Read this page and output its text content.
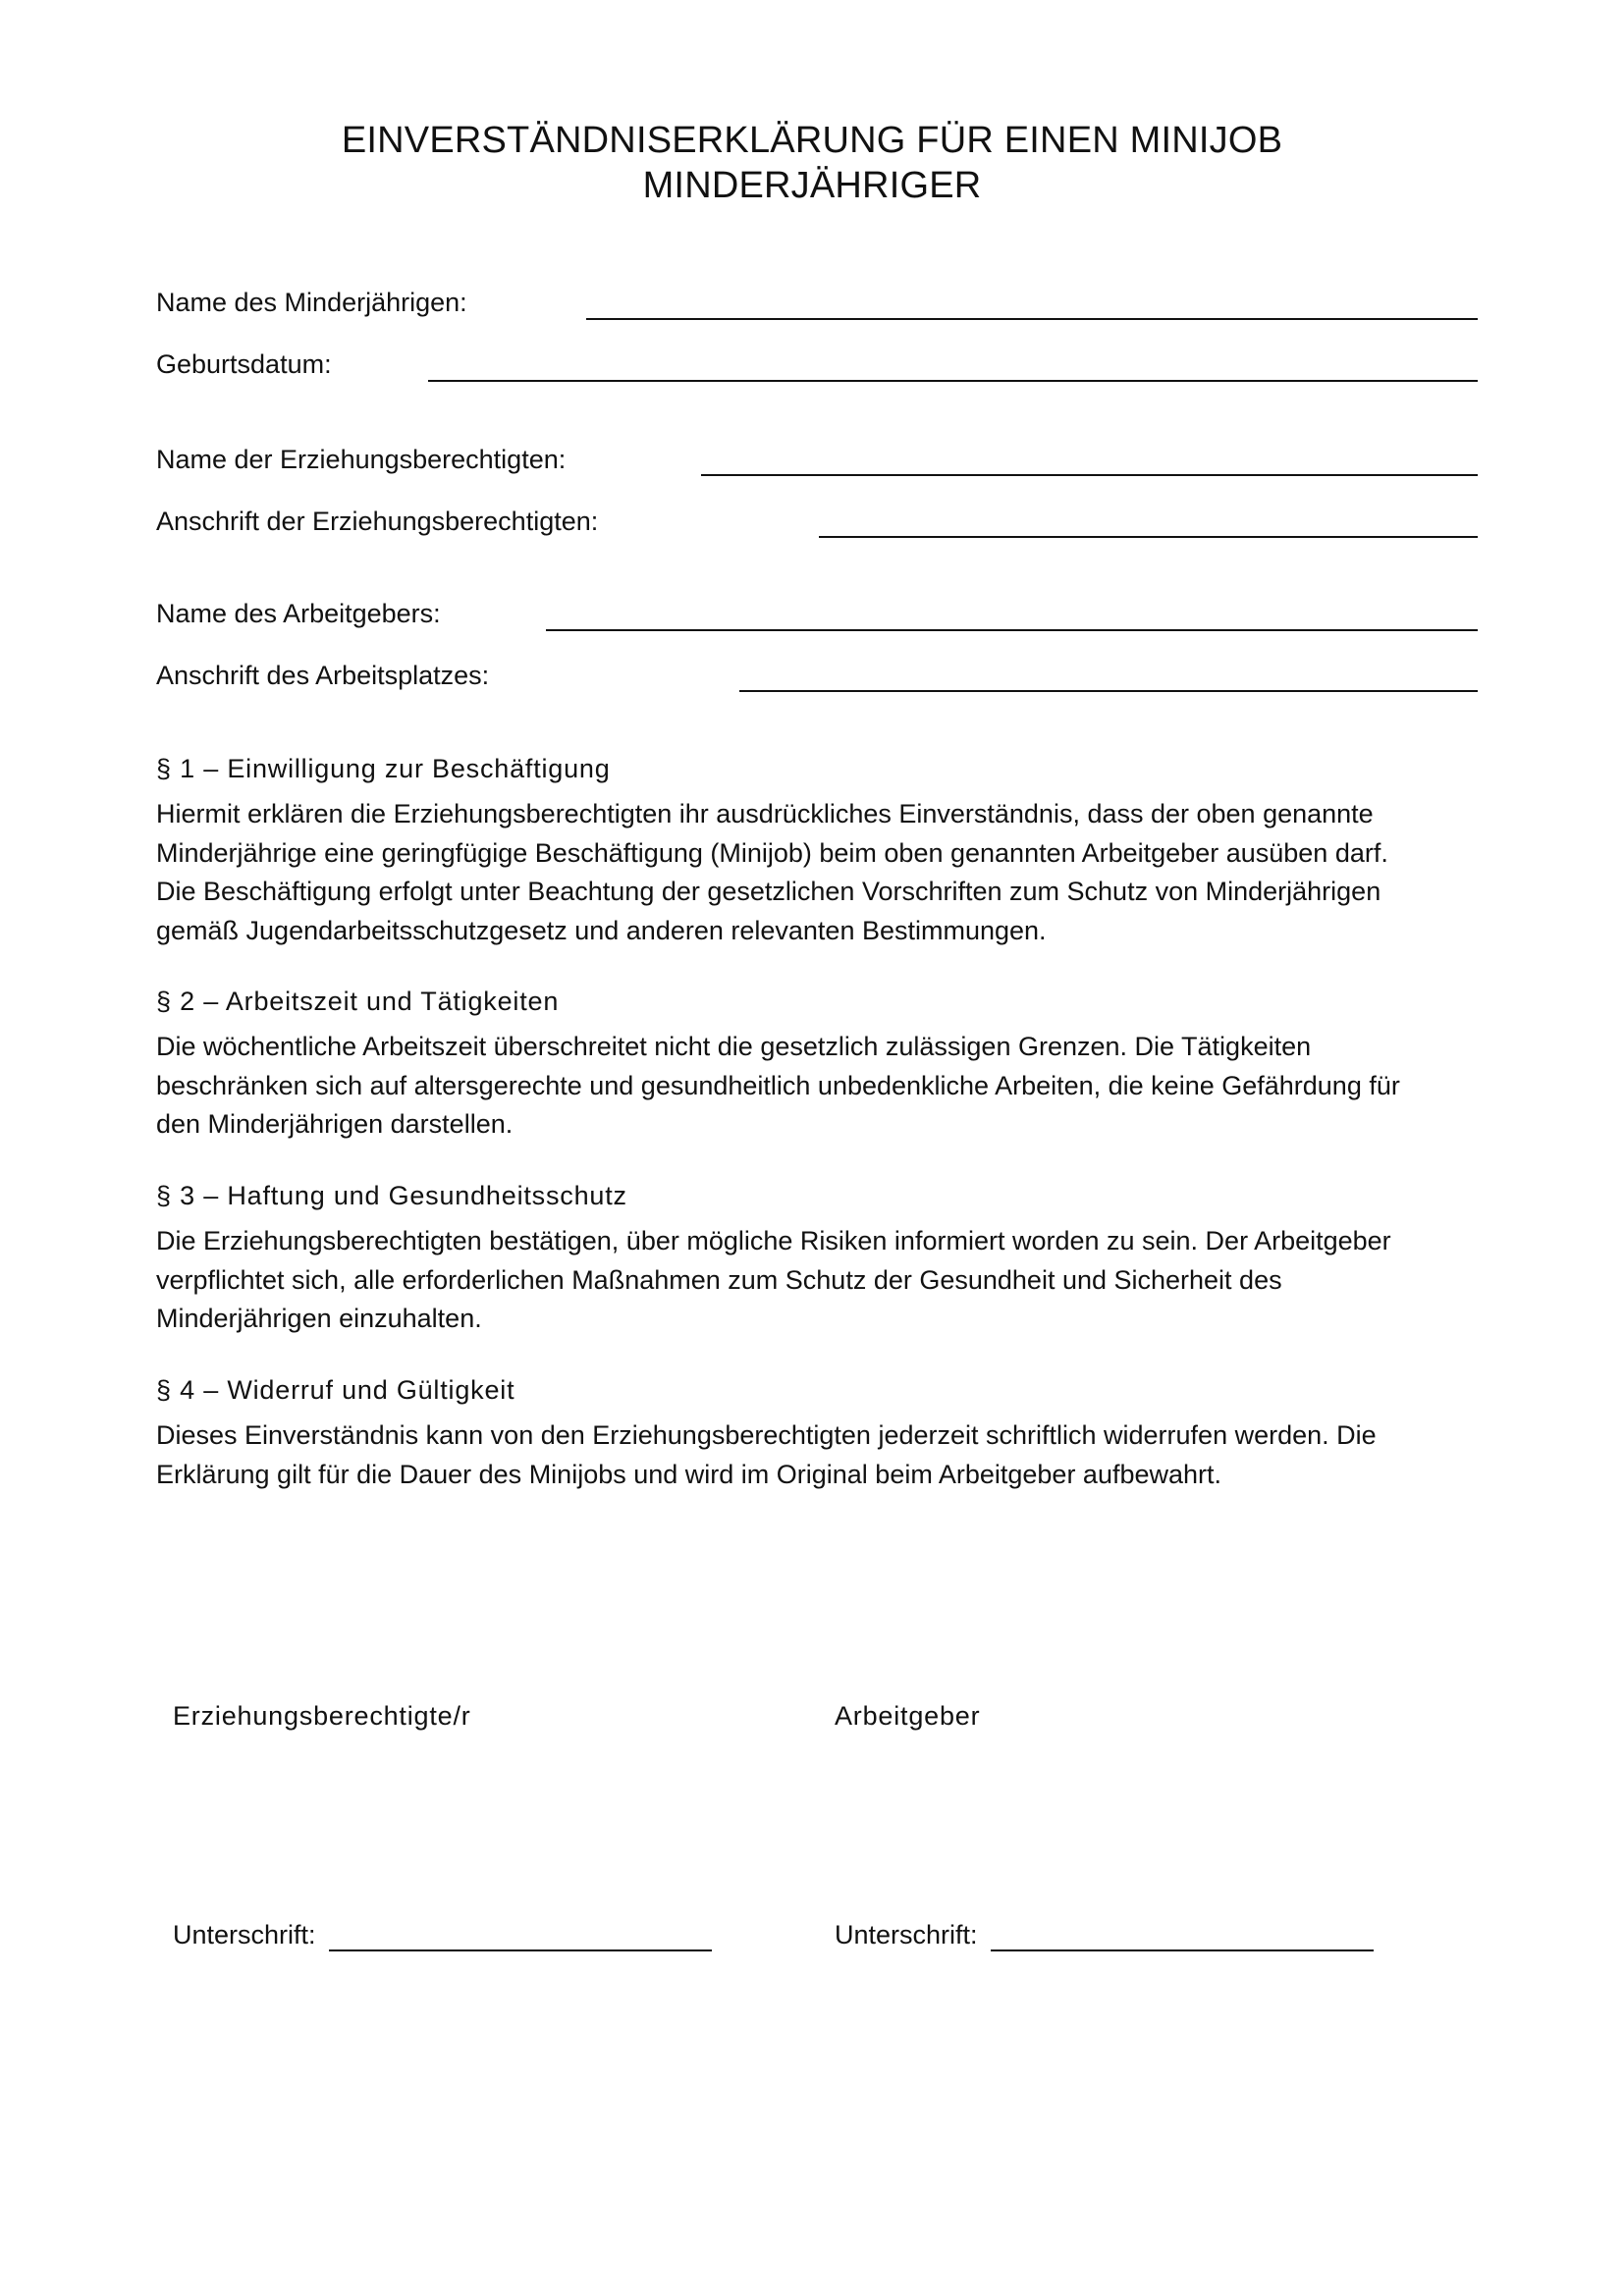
EINVERSTÄNDNISERKLÄRUNG FÜR EINEN MINIJOB
MINDERJÄHRIGER
Name des Minderjährigen:
Geburtsdatum:
Name der Erziehungsberechtigten:
Anschrift der Erziehungsberechtigten:
Name des Arbeitgebers:
Anschrift des Arbeitsplatzes:
§ 1 – Einwilligung zur Beschäftigung
Hiermit erklären die Erziehungsberechtigten ihr ausdrückliches Einverständnis, dass der oben genannte
Minderjährige eine geringfügige Beschäftigung (Minijob) beim oben genannten Arbeitgeber ausüben darf.
Die Beschäftigung erfolgt unter Beachtung der gesetzlichen Vorschriften zum Schutz von Minderjährigen
gemäß Jugendarbeitsschutzgesetz und anderen relevanten Bestimmungen.
§ 2 – Arbeitszeit und Tätigkeiten
Die wöchentliche Arbeitszeit überschreitet nicht die gesetzlich zulässigen Grenzen. Die Tätigkeiten
beschränken sich auf altersgerechte und gesundheitlich unbedenkliche Arbeiten, die keine Gefährdung für
den Minderjährigen darstellen.
§ 3 – Haftung und Gesundheitsschutz
Die Erziehungsberechtigten bestätigen, über mögliche Risiken informiert worden zu sein. Der Arbeitgeber
verpflichtet sich, alle erforderlichen Maßnahmen zum Schutz der Gesundheit und Sicherheit des
Minderjährigen einzuhalten.
§ 4 – Widerruf und Gültigkeit
Dieses Einverständnis kann von den Erziehungsberechtigten jederzeit schriftlich widerrufen werden. Die
Erklärung gilt für die Dauer des Minijobs und wird im Original beim Arbeitgeber aufbewahrt.
Erziehungsberechtigte/r	Arbeitgeber
Unterschrift:	Unterschrift:
